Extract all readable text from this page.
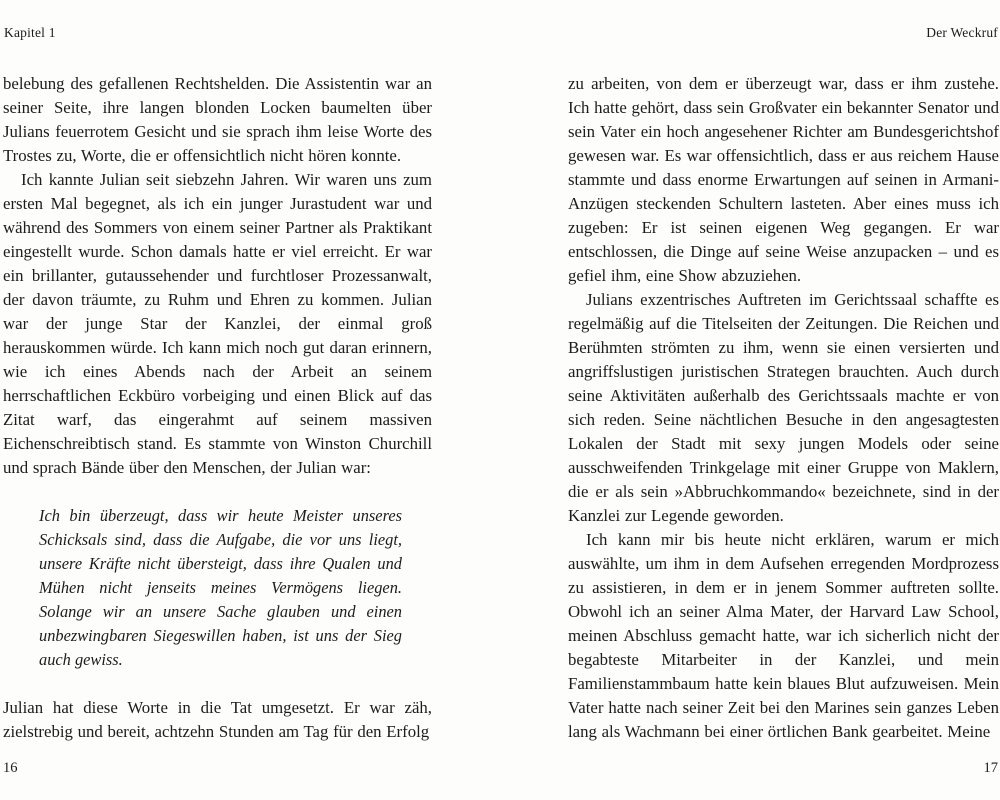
Kapitel 1	Der Weckruf

belebung des gefallenen Rechtshelden. Die Assistentin war an seiner Seite, ihre langen blonden Locken baumelten über Julians feuerrotem Gesicht und sie sprach ihm leise Worte des Trostes zu, Worte, die er offensichtlich nicht hören konnte.

Ich kannte Julian seit siebzehn Jahren. Wir waren uns zum ersten Mal begegnet, als ich ein junger Jurastudent war und während des Sommers von einem seiner Partner als Praktikant eingestellt wurde. Schon damals hatte er viel erreicht. Er war ein brillanter, gutaussehender und furchtloser Prozessanwalt, der davon träumte, zu Ruhm und Ehren zu kommen. Julian war der junge Star der Kanzlei, der einmal groß herauskommen würde. Ich kann mich noch gut daran erinnern, wie ich eines Abends nach der Arbeit an seinem herrschaftlichen Eckbüro vorbeiging und einen Blick auf das Zitat warf, das eingerahmt auf seinem massiven Eichenschreibtisch stand. Es stammte von Winston Churchill und sprach Bände über den Menschen, der Julian war:

Ich bin überzeugt, dass wir heute Meister unseres Schicksals sind, dass die Aufgabe, die vor uns liegt, unsere Kräfte nicht übersteigt, dass ihre Qualen und Mühen nicht jenseits meines Vermögens liegen. Solange wir an unsere Sache glauben und einen unbezwingbaren Siegeswillen haben, ist uns der Sieg auch gewiss.

Julian hat diese Worte in die Tat umgesetzt. Er war zäh, zielstrebig und bereit, achtzehn Stunden am Tag für den Erfolg

zu arbeiten, von dem er überzeugt war, dass er ihm zustehe. Ich hatte gehört, dass sein Großvater ein bekannter Senator und sein Vater ein hoch angesehener Richter am Bundesgerichtshof gewesen war. Es war offensichtlich, dass er aus reichem Hause stammte und dass enorme Erwartungen auf seinen in Armani-Anzügen steckenden Schultern lasteten. Aber eines muss ich zugeben: Er ist seinen eigenen Weg gegangen. Er war entschlossen, die Dinge auf seine Weise anzupacken – und es gefiel ihm, eine Show abzuziehen.

Julians exzentrisches Auftreten im Gerichtssaal schaffte es regelmäßig auf die Titelseiten der Zeitungen. Die Reichen und Berühmten strömten zu ihm, wenn sie einen versierten und angriffslustigen juristischen Strategen brauchten. Auch durch seine Aktivitäten außerhalb des Gerichtssaals machte er von sich reden. Seine nächtlichen Besuche in den angesagtesten Lokalen der Stadt mit sexy jungen Models oder seine ausschweifenden Trinkgelage mit einer Gruppe von Maklern, die er als sein »Abbruchkommando« bezeichnete, sind in der Kanzlei zur Legende geworden.

Ich kann mir bis heute nicht erklären, warum er mich auswählte, um ihm in dem Aufsehen erregenden Mordprozess zu assistieren, in dem er in jenem Sommer auftreten sollte. Obwohl ich an seiner Alma Mater, der Harvard Law School, meinen Abschluss gemacht hatte, war ich sicherlich nicht der begabteste Mitarbeiter in der Kanzlei, und mein Familienstammbaum hatte kein blaues Blut aufzuweisen. Mein Vater hatte nach seiner Zeit bei den Marines sein ganzes Leben lang als Wachmann bei einer örtlichen Bank gearbeitet. Meine

16	17
